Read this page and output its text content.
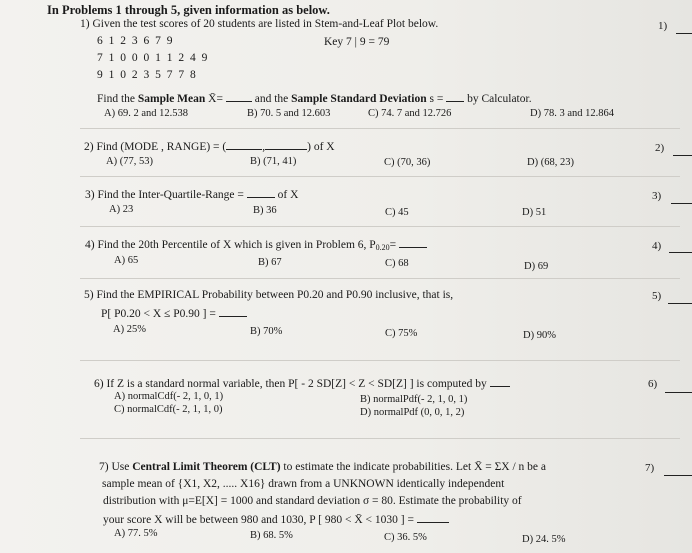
In Problems 1 through 5, given information as below.
1) Given the test scores of 20 students are listed in Stem-and-Leaf Plot below.
6 1 2 3 6 7 9
7 1 0 0 0 1 1 2 4 9
9 1 0 2 3 5 7 7 8
Key 7 | 9 = 79
1)
Find the Sample Mean X̄=	and the Sample Standard Deviation s = by Calculator.
A) 69. 2 and 12.538	B) 70. 5 and 12.603	C) 74. 7 and 12.726	D) 78. 3 and 12.864
2) Find (MODE , RANGE) = (	,	) of X
A) (77, 53)	B) (71, 41)	C) (70, 36)	D) (68, 23)
2)
3) Find the Inter-Quartile-Range =	of X
A) 23	B) 36	C) 45	D) 51
3)
4) Find the 20th Percentile of X which is given in Problem 6, P0.20=
A) 65	B) 67	C) 68	D) 69
4)
5) Find the EMPIRICAL Probability between P0.20 and P0.90 inclusive, that is,
P[ P0.20 < X ≤ P0.90 ] =
A) 25%	B) 70%	C) 75%	D) 90%
5)
6) If Z is a standard normal variable, then P[ - 2 SD[Z] < Z < SD[Z] ] is computed by
A) normalCdf(- 2, 1, 0, 1)	B) normalPdf(- 2, 1, 0, 1)
C) normalCdf(- 2, 1, 1, 0)	D) normalPdf (0, 0, 1, 2)
6)
7) Use Central Limit Theorem (CLT) to estimate the indicate probabilities. Let X̄ = ΣX / n be a
sample mean of {X1, X2, ..... X16} drawn from a UNKNOWN identically independent
distribution with μ=E[X] = 1000 and standard deviation σ = 80. Estimate the probability of
your score X will be between 980 and 1030, P [ 980 < X̄ < 1030 ] =
A) 77. 5%	B) 68. 5%	C) 36. 5%	D) 24. 5%
7)
